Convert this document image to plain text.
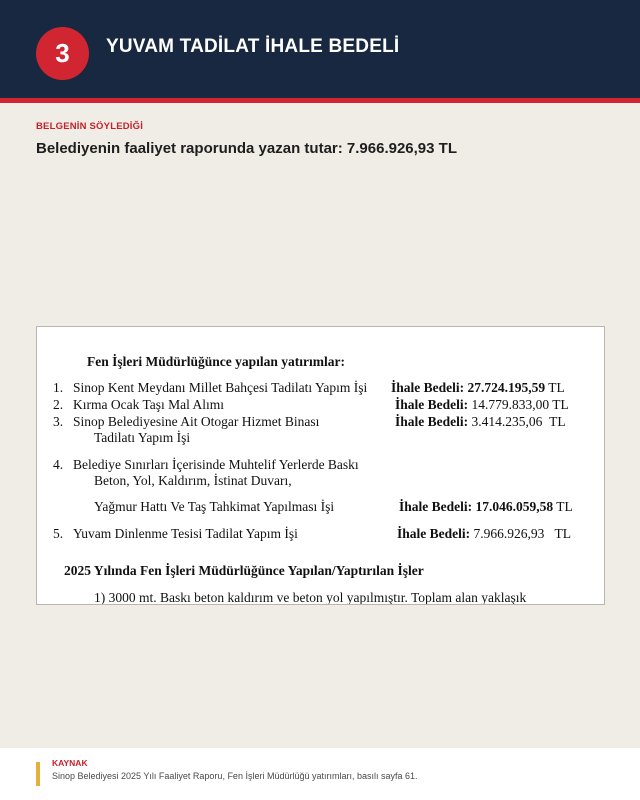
3	YUVAM TADİLAT İHALE BEDELİ
BELGENİN SÖYLEDİĞİ
Belediyenin faaliyet raporunda yazan tutar: 7.966.926,93 TL
Fen İşleri Müdürlüğünce yapılan yatırımlar:
1. Sinop Kent Meydanı Millet Bahçesi Tadilatı Yapım İşi İhale Bedeli: 27.724.195,59 TL
2. Kırma Ocak Taşı Mal Alımı	İhale Bedeli: 14.779.833,00 TL
3. Sinop Belediyesine Ait Otogar Hizmet Binası
Tadilatı Yapım İşi
İhale Bedeli: 3.414.235,06 TL
4. Belediye Sınırları İçerisinde Muhtelif Yerlerde Baskı
Beton, Yol, Kaldırım, İstinat Duvarı,
Yağmur Hattı Ve Taş Tahkimat Yapılması İşi	İhale Bedeli: 17.046.059,58 TL
5. Yuvam Dinlenme Tesisi Tadilat Yapım İşi	İhale Bedeli: 7.966.926,93 TL
2025 Yılında Fen İşleri Müdürlüğünce Yapılan/Yaptırılan İşler
1) 3000 mt. Baskı beton kaldırım ve beton yol yapılmıştır. Toplam alan yaklaşık
KAYNAK
Sinop Belediyesi 2025 Yılı Faaliyet Raporu, Fen İşleri Müdürlüğü yatırımları, basılı sayfa 61.
